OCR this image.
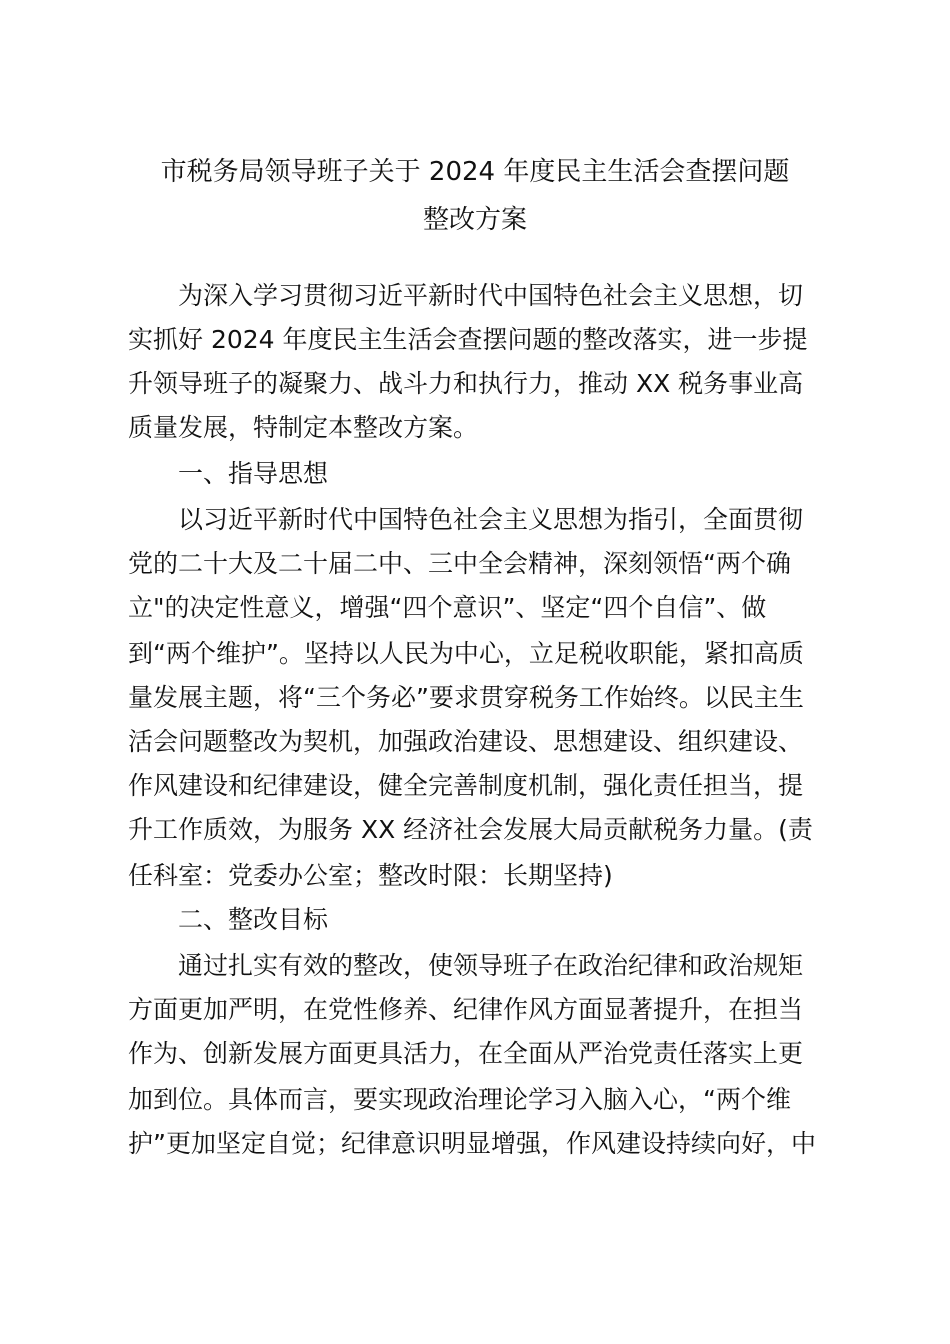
市税务局领导班子关于 2024 年度民主生活会查摆问题
整改方案

为深入学习贯彻习近平新时代中国特色社会主义思想，切

实抓好 2024 年度民主生活会查摆问题的整改落实，进一步提

升领导班子的凝聚力、战斗力和执行力，推动 XX 税务事业高

质量发展，特制定本整改方案。

一、指导思想

以习近平新时代中国特色社会主义思想为指引，全面贯彻

党的二十大及二十届二中、三中全会精神，深刻领悟“两个确

立"的决定性意义，增强“四个意识”、坚定“四个自信”、做

到“两个维护”。坚持以人民为中心，立足税收职能，紧扣高质

量发展主题，将“三个务必”要求贯穿税务工作始终。以民主生

活会问题整改为契机，加强政治建设、思想建设、组织建设、

作风建设和纪律建设，健全完善制度机制，强化责任担当，提

升工作质效，为服务 XX 经济社会发展大局贡献税务力量。(责

任科室：党委办公室；整改时限：长期坚持)

二、整改目标

通过扎实有效的整改，使领导班子在政治纪律和政治规矩

方面更加严明，在党性修养、纪律作风方面显著提升，在担当

作为、创新发展方面更具活力，在全面从严治党责任落实上更

加到位。具体而言，要实现政治理论学习入脑入心，“两个维

护”更加坚定自觉；纪律意识明显增强，作风建设持续向好，中
